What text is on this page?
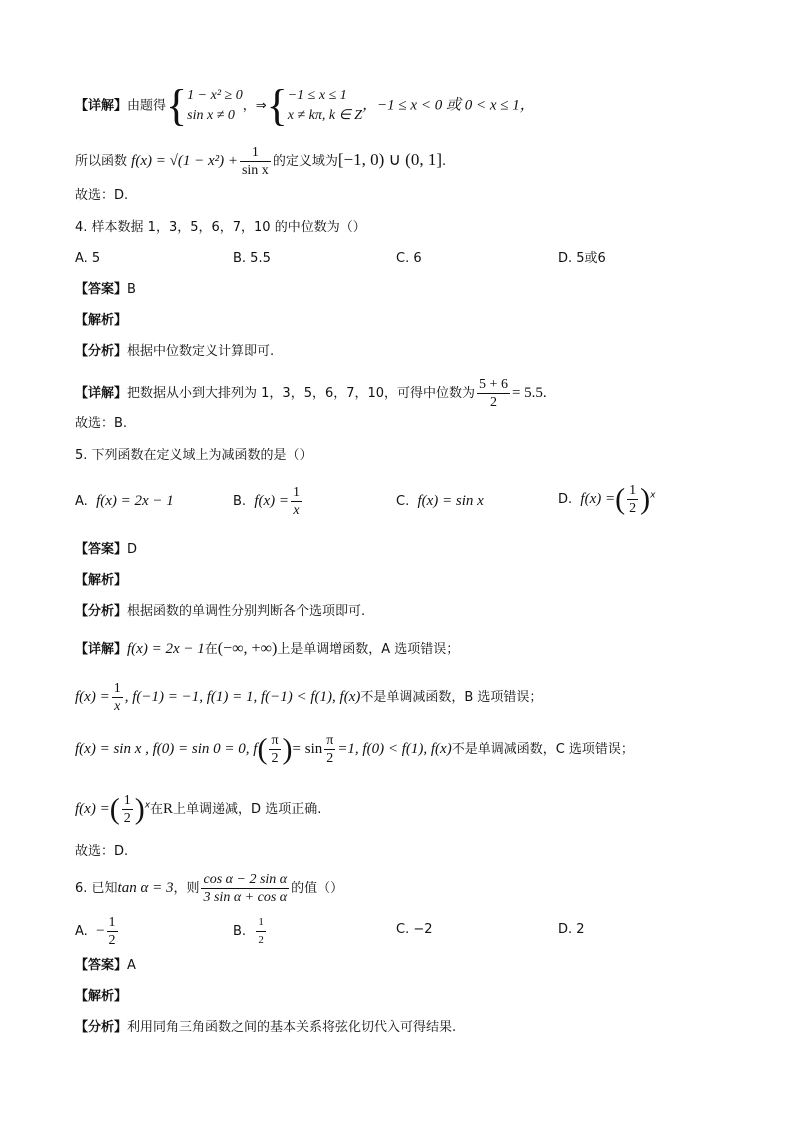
【详解】由题得{ 1 − x² ≥ 0
sin x ≠ 0
，⇒{ −1 ≤ x ≤ 1
x ≠ kπ, k ∈ Z
，−1 ≤ x < 0 或 0 < x ≤ 1，
所以函数 $f(x) = √(1 - x^2) + \frac{1}{\text{sin x}}$ 的定义域为[−1, 0) ∪ (0, 1].
故选：D.
4. 样本数据 1，3，5，6，7，10 的中位数为（）
A. 5	B. 5.5	C. 6	D. 5或6
【答案】B
【解析】
【分析】根据中位数定义计算即可.
【详解】把数据从小到大排列为 1，3，5，6，7，10，可得中位数为 $\frac{5 + 6}{2} = 5.5$.
故选：B.
5. 下列函数在定义域上为减函数的是（）
A. f(x) = 2x − 1	B. $f(x) = \frac{1}{x}$	C. f(x) = sin x	D. f(x) =( $\frac{1}{2} )^x$
【答案】D
【解析】
【分析】根据函数的单调性分别判断各个选项即可.
【详解】f(x) = 2x − 1在(−∞, +∞)上是单调增函数，A 选项错误；
$f(x) = \frac{1}{x}$ , f(−1) = −1, f(1) = 1, f(−1) < f(1), f(x)不是单调减函数，B 选项错误；
f(x) = sin x , f(0) = sin 0 = 0, $f( \frac{\pi}{2}$ )= $\sin \frac{\pi}{2} =1$, f(0) < f(1), f(x)不是单调减函数，C 选项错误；
f(x) =( $\frac{1}{2} )^x$在R上单调递减，D 选项正确.
故选：D.
6. 已知tan α = 3，则 $\frac{\text{cos α − 2 sin α}}{\text{3 sin α + cos α}}$ 的值（）
A. − $\frac{1}{2}$	B. $\frac{1}{2}$	C. −2	D. 2
【答案】A
【解析】
【分析】利用同角三角函数之间的基本关系将弦化切代入可得结果.
